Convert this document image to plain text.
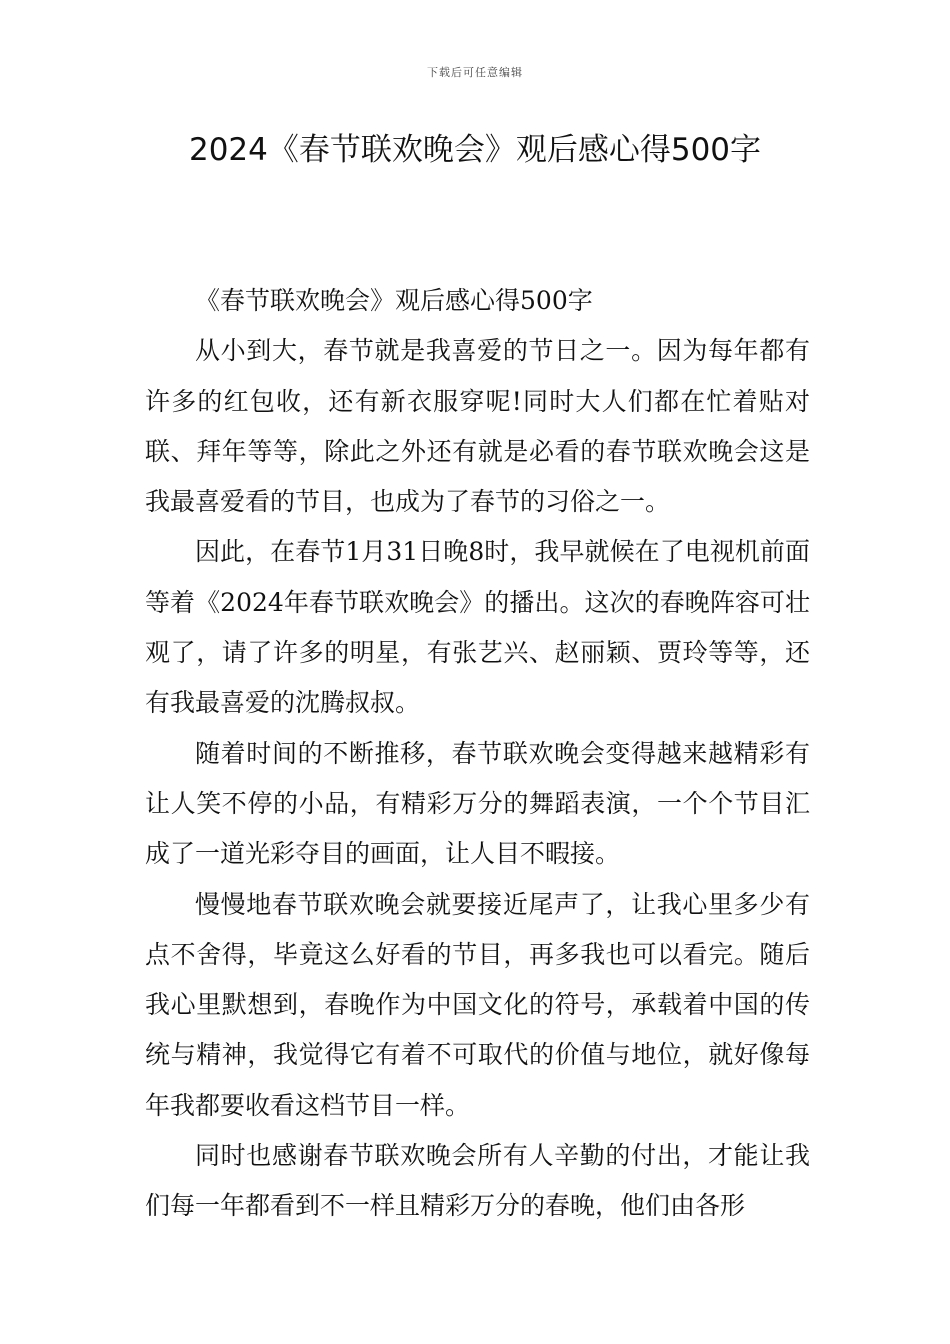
下载后可任意编辑
2024《春节联欢晚会》观后感心得500字

《春节联欢晚会》观后感心得500字

从小到大，春节就是我喜爱的节日之一。因为每年都有许多的红包收，还有新衣服穿呢!同时大人们都在忙着贴对联、拜年等等，除此之外还有就是必看的春节联欢晚会这是我最喜爱看的节目，也成为了春节的习俗之一。

因此，在春节1月31日晚8时，我早就候在了电视机前面等着《2024年春节联欢晚会》的播出。这次的春晚阵容可壮观了，请了许多的明星，有张艺兴、赵丽颖、贾玲等等，还有我最喜爱的沈腾叔叔。

随着时间的不断推移，春节联欢晚会变得越来越精彩有让人笑不停的小品，有精彩万分的舞蹈表演，一个个节目汇成了一道光彩夺目的画面，让人目不暇接。

慢慢地春节联欢晚会就要接近尾声了，让我心里多少有点不舍得，毕竟这么好看的节目，再多我也可以看完。随后我心里默想到，春晚作为中国文化的符号，承载着中国的传统与精神，我觉得它有着不可取代的价值与地位，就好像每年我都要收看这档节目一样。

同时也感谢春节联欢晚会所有人辛勤的付出，才能让我们每一年都看到不一样且精彩万分的春晚，他们由各形
